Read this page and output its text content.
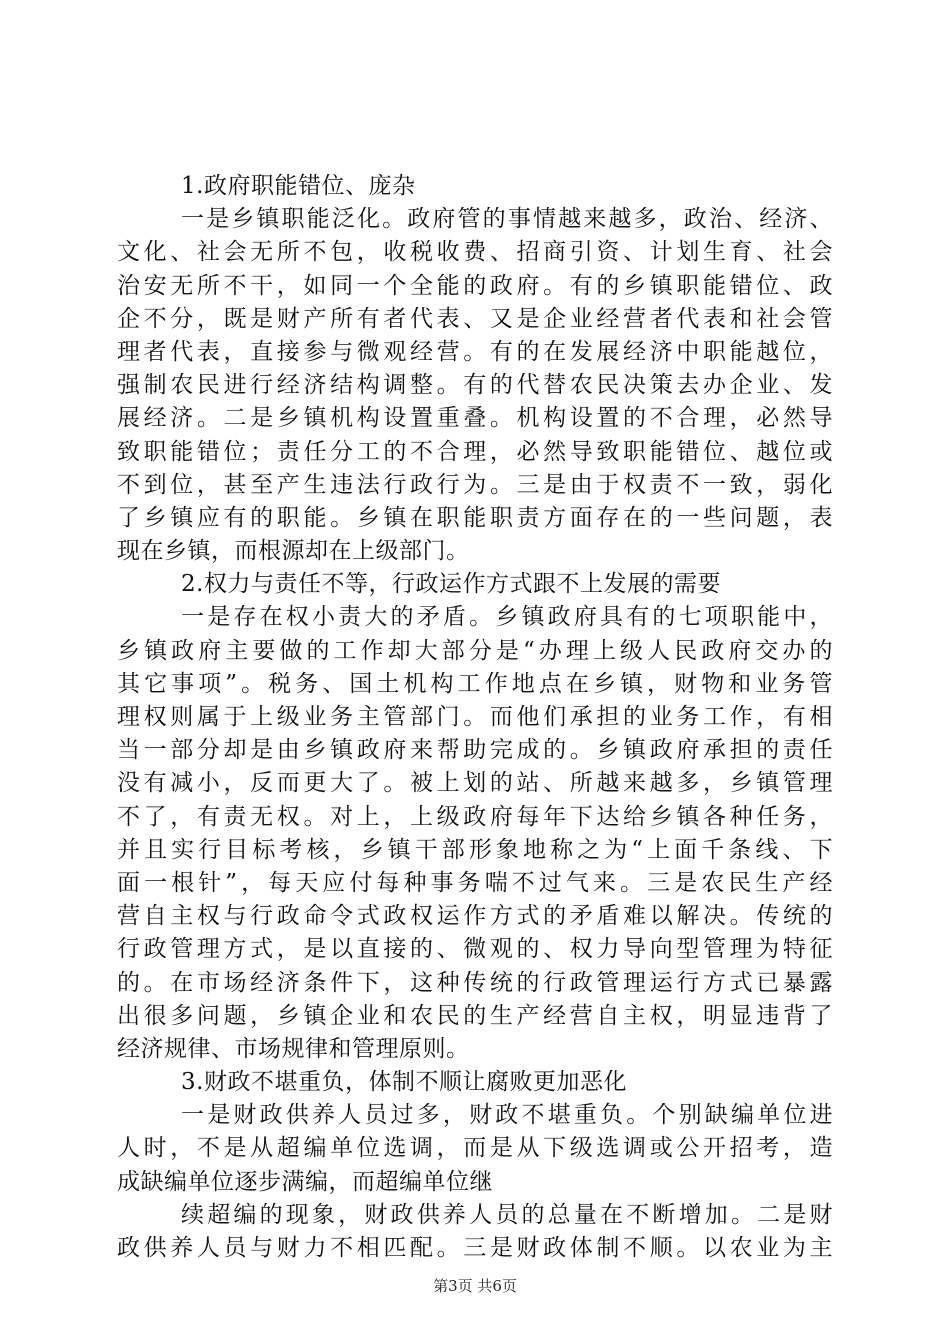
1.政府职能错位、庞杂
一是乡镇职能泛化。政府管的事情越来越多，政治、经济、
文化、社会无所不包，收税收费、招商引资、计划生育、社会
治安无所不干，如同一个全能的政府。有的乡镇职能错位、政
企不分，既是财产所有者代表、又是企业经营者代表和社会管
理者代表，直接参与微观经营。有的在发展经济中职能越位，
强制农民进行经济结构调整。有的代替农民决策去办企业、发
展经济。二是乡镇机构设置重叠。机构设置的不合理，必然导
致职能错位；责任分工的不合理，必然导致职能错位、越位或
不到位，甚至产生违法行政行为。三是由于权责不一致，弱化
了乡镇应有的职能。乡镇在职能职责方面存在的一些问题，表
现在乡镇，而根源却在上级部门。
2.权力与责任不等，行政运作方式跟不上发展的需要
一是存在权小责大的矛盾。乡镇政府具有的七项职能中，
乡镇政府主要做的工作却大部分是“办理上级人民政府交办的
其它事项”。税务、国土机构工作地点在乡镇，财物和业务管
理权则属于上级业务主管部门。而他们承担的业务工作，有相
当一部分却是由乡镇政府来帮助完成的。乡镇政府承担的责任
没有减小，反而更大了。被上划的站、所越来越多，乡镇管理
不了，有责无权。对上，上级政府每年下达给乡镇各种任务，
并且实行目标考核，乡镇干部形象地称之为“上面千条线、下
面一根针”，每天应付每种事务喘不过气来。三是农民生产经
营自主权与行政命令式政权运作方式的矛盾难以解决。传统的
行政管理方式，是以直接的、微观的、权力导向型管理为特征
的。在市场经济条件下，这种传统的行政管理运行方式已暴露
出很多问题，乡镇企业和农民的生产经营自主权，明显违背了
经济规律、市场规律和管理原则。
3.财政不堪重负，体制不顺让腐败更加恶化
一是财政供养人员过多，财政不堪重负。个别缺编单位进
人时，不是从超编单位选调，而是从下级选调或公开招考，造
成缺编单位逐步满编，而超编单位继
续超编的现象，财政供养人员的总量在不断增加。二是财
政供养人员与财力不相匹配。三是财政体制不顺。以农业为主
第3页 共6页
